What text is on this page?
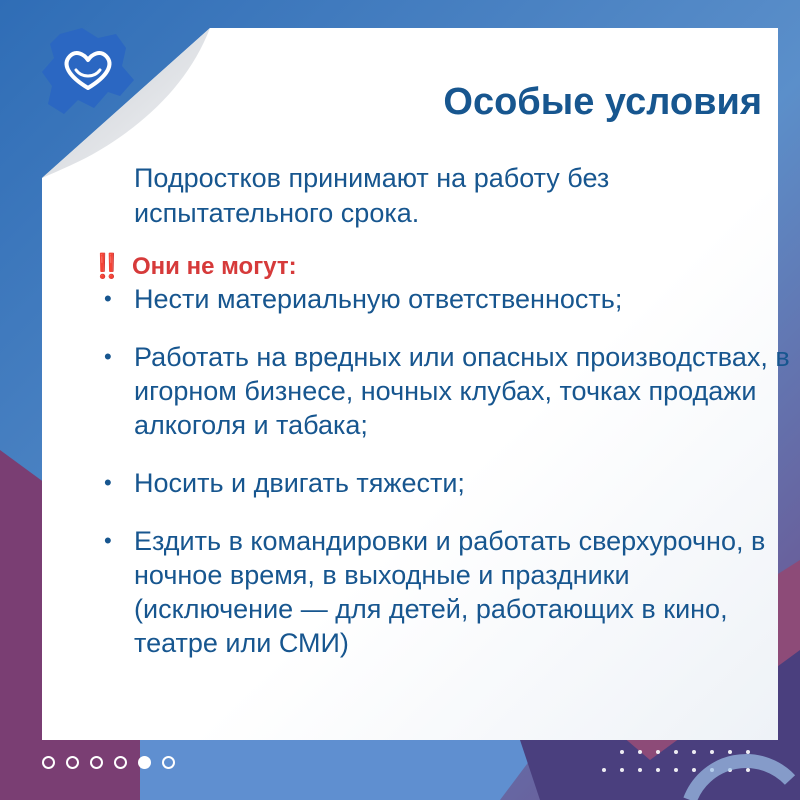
Особые условия

Подростков принимают на работу без испытательного срока.

‼️ Они не могут:
• Нести материальную ответственность;
• Работать на вредных или опасных производствах, в игорном бизнесе, ночных клубах, точках продажи алкоголя и табака;
• Носить и двигать тяжести;
• Ездить в командировки и работать сверхурочно, в ночное время, в выходные и праздники (исключение — для детей, работающих в кино, театре или СМИ)
